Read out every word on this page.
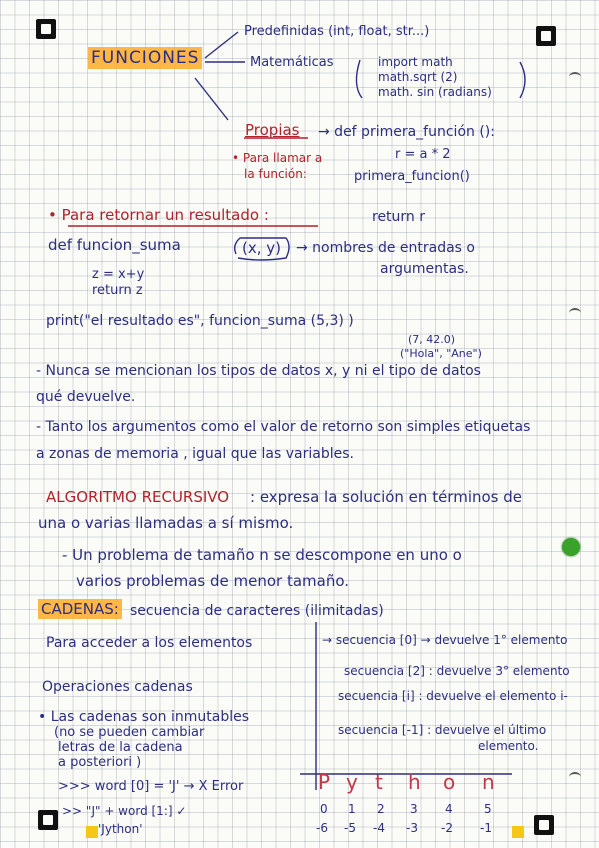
FUNCIONES
Predefinidas (int, float, str...)
Matemáticas	import math
math.sqrt (2)
math. sin (radians)
Propias → def primera_función ():
r = a * 2
• Para llamar a
la función:	primera_funcion()
• Para retornar un resultado :	return r
def funcion_suma	(x, y) → nombres de entradas o
argumentas.
z = x+y
return z
print("el resultado es", funcion_suma (5,3) )
(7, 42.0)
("Hola", "Ane")
- Nunca se mencionan los tipos de datos x, y ni el tipo de datos
qué devuelve.
- Tanto los argumentos como el valor de retorno son simples etiquetas
a zonas de memoria , igual que las variables.
ALGORITMO RECURSIVO : expresa la solución en términos de
una o varias llamadas a sí mismo.
- Un problema de tamaño n se descompone en uno o
varios problemas de menor tamaño.
CADENAS: secuencia de caracteres (ilimitadas)
Para acceder a los elementos	→ secuencia [0] → devuelve 1° elemento
secuencia [2] : devuelve 3° elemento
secuencia [i] : devuelve el elemento i-
secuencia [-1] : devuelve el último
elemento.
Operaciones cadenas
• Las cadenas son inmutables
(no se pueden cambiar
letras de la cadena
a posteriori )
>>> word [0] = 'J' → X Error
>> "J" + word [1:] ✓
'Jython'
P y t h o n
0 1 2 3 4	5
-6 -5 -4 -3 -2 -1
